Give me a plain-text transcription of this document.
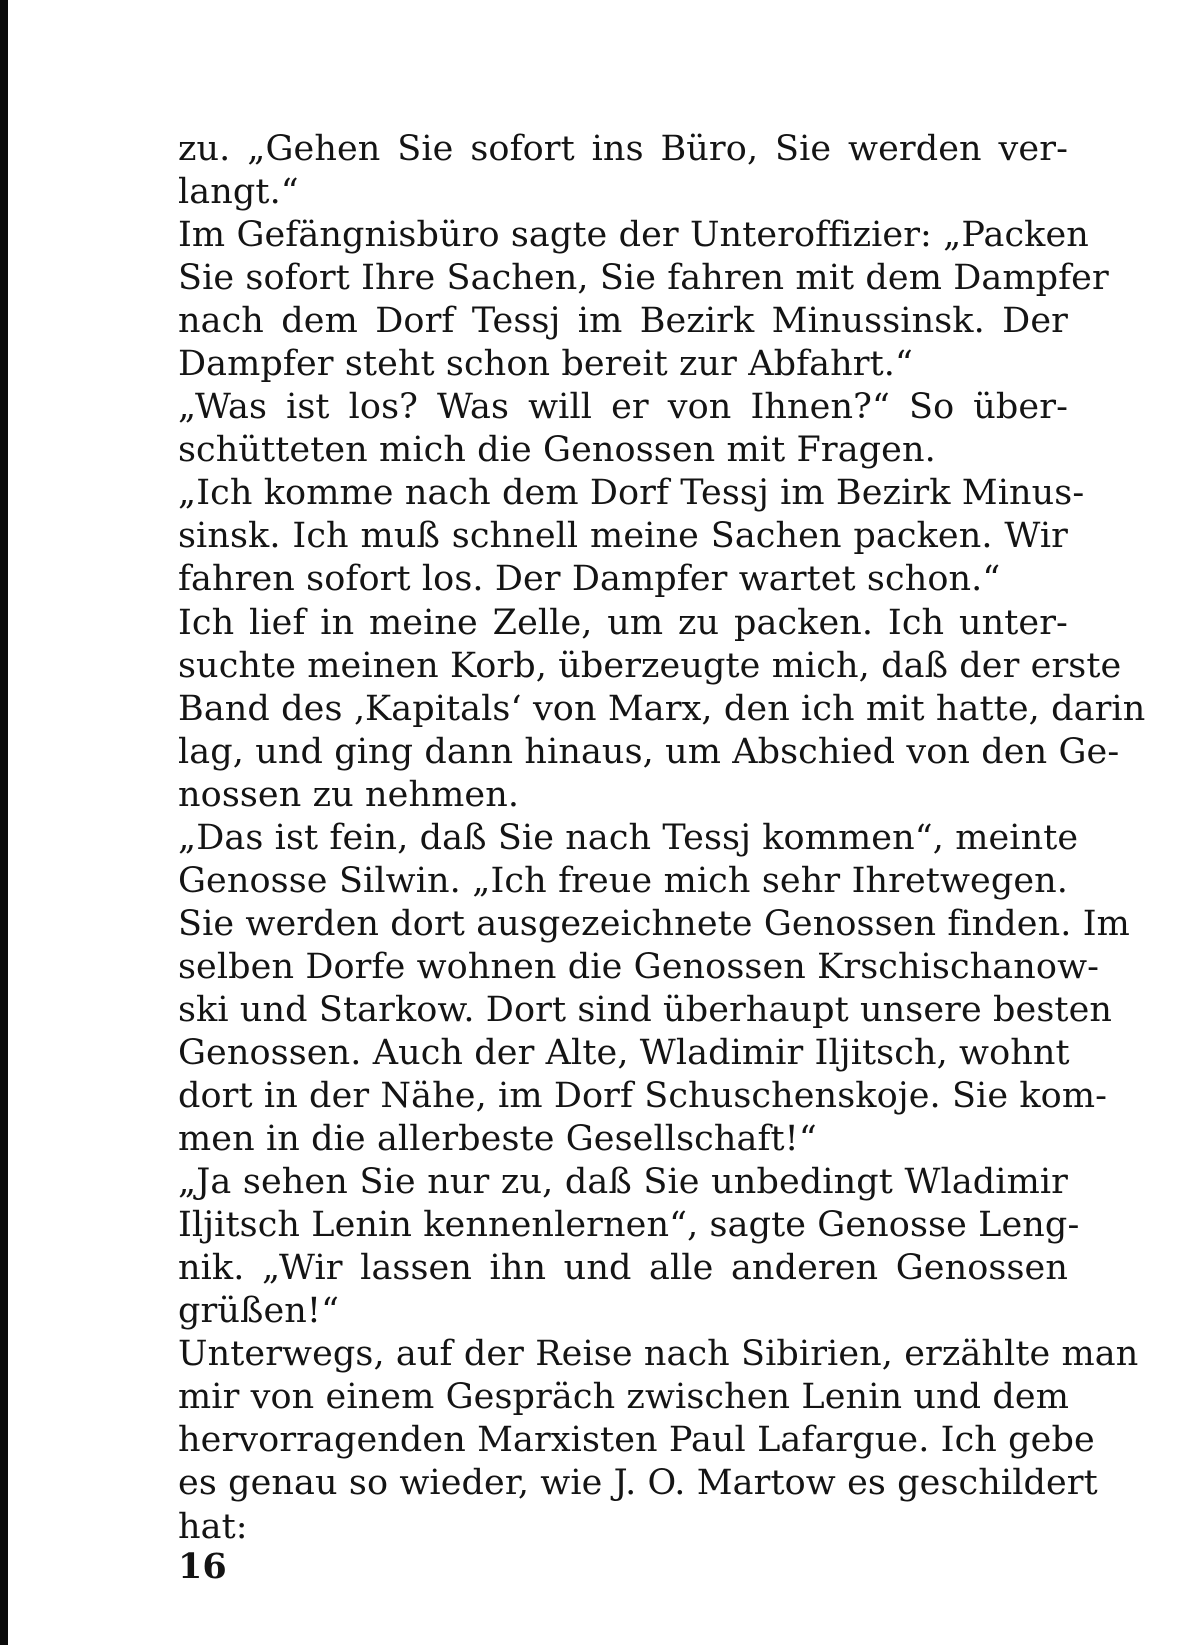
zu. „Gehen Sie sofort ins Büro, Sie werden ver-
langt.“
Im Gefängnisbüro sagte der Unteroffizier: „Packen
Sie sofort Ihre Sachen, Sie fahren mit dem Dampfer
nach dem Dorf Tessj im Bezirk Minussinsk. Der
Dampfer steht schon bereit zur Abfahrt.“
„Was ist los? Was will er von Ihnen?“ So über-
schütteten mich die Genossen mit Fragen.
„Ich komme nach dem Dorf Tessj im Bezirk Minus-
sinsk. Ich muß schnell meine Sachen packen. Wir
fahren sofort los. Der Dampfer wartet schon.“
Ich lief in meine Zelle, um zu packen. Ich unter-
suchte meinen Korb, überzeugte mich, daß der erste
Band des ‚Kapitals‘ von Marx, den ich mit hatte, darin
lag, und ging dann hinaus, um Abschied von den Ge-
nossen zu nehmen.
„Das ist fein, daß Sie nach Tessj kommen“, meinte
Genosse Silwin. „Ich freue mich sehr Ihretwegen.
Sie werden dort ausgezeichnete Genossen finden. Im
selben Dorfe wohnen die Genossen Krschischanow-
ski und Starkow. Dort sind überhaupt unsere besten
Genossen. Auch der Alte, Wladimir Iljitsch, wohnt
dort in der Nähe, im Dorf Schuschenskoje. Sie kom-
men in die allerbeste Gesellschaft!“
„Ja sehen Sie nur zu, daß Sie unbedingt Wladimir
Iljitsch Lenin kennenlernen“, sagte Genosse Leng-
nik. „Wir lassen ihn und alle anderen Genossen
grüßen!“
Unterwegs, auf der Reise nach Sibirien, erzählte man
mir von einem Gespräch zwischen Lenin und dem
hervorragenden Marxisten Paul Lafargue. Ich gebe
es genau so wieder, wie J. O. Martow es geschildert
hat:
16
